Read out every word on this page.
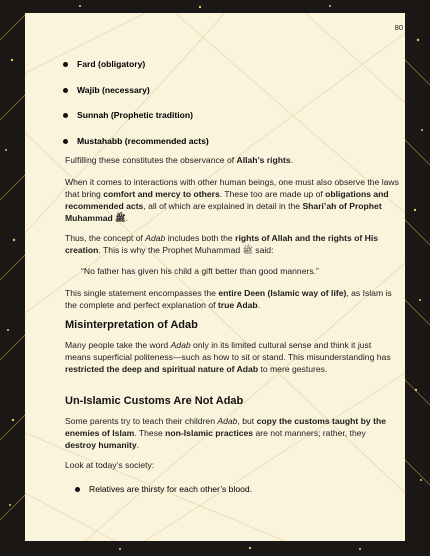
80
Fard (obligatory)
Wajib (necessary)
Sunnah (Prophetic tradition)
Mustahabb (recommended acts)

Fulfilling these constitutes the observance of Allah’s rights.

When it comes to interactions with other human beings, one must also observe the laws that bring comfort and mercy to others. These too are made up of obligations and recommended acts, all of which are explained in detail in the Shari’ah of Prophet Muhammad ﷺ.

Thus, the concept of Adab includes both the rights of Allah and the rights of His creation. This is why the Prophet Muhammad ﷺ said:

“No father has given his child a gift better than good manners.”

This single statement encompasses the entire Deen (Islamic way of life), as Islam is the complete and perfect explanation of true Adab.

Misinterpretation of Adab

Many people take the word Adab only in its limited cultural sense and think it just means superficial politeness—such as how to sit or stand. This misunderstanding has restricted the deep and spiritual nature of Adab to mere gestures.

Un-Islamic Customs Are Not Adab

Some parents try to teach their children Adab, but copy the customs taught by the enemies of Islam. These non-Islamic practices are not manners; rather, they destroy humanity.

Look at today’s society:

Relatives are thirsty for each other’s blood.
